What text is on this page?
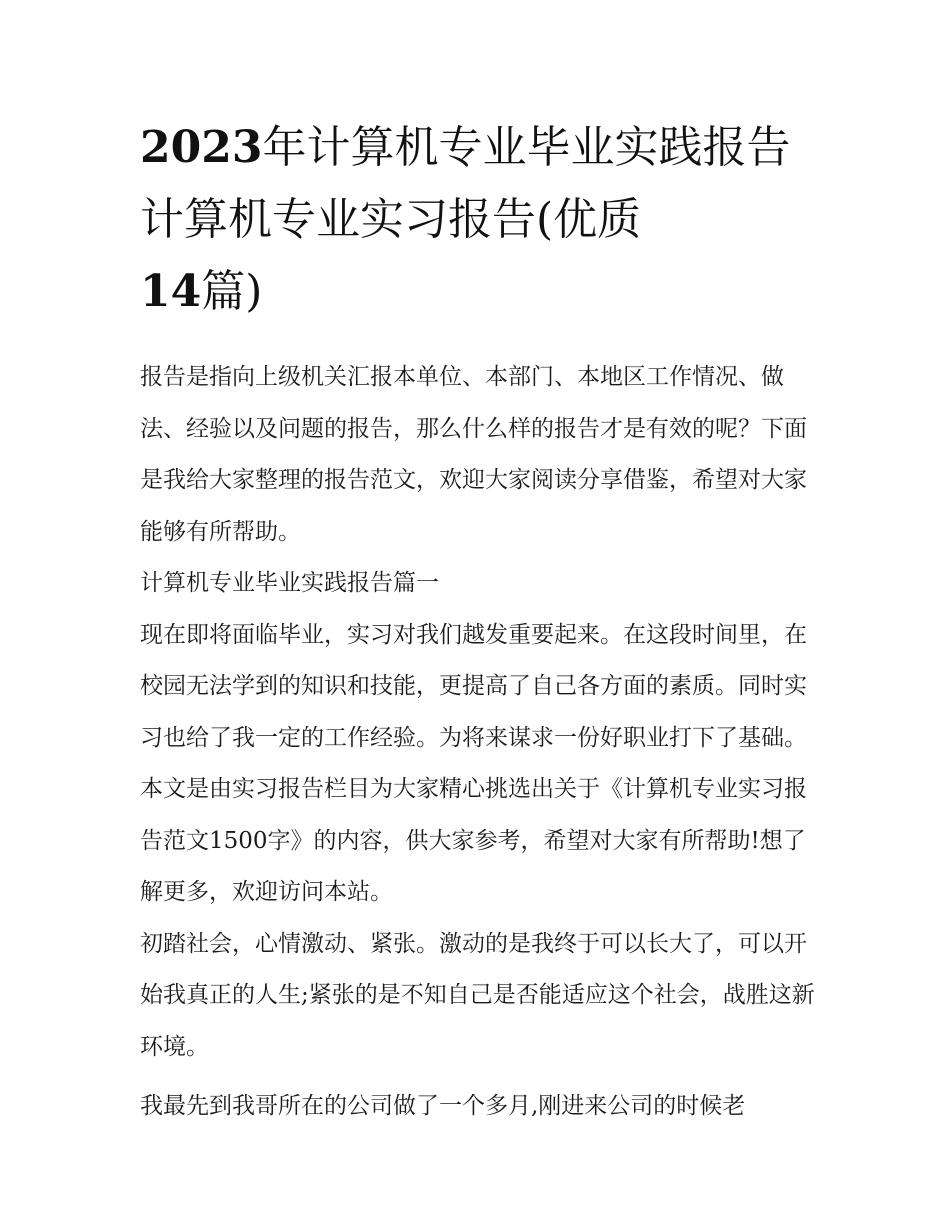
2023年计算机专业毕业实践报告 计算机专业实习报告(优质
14篇)

报告是指向上级机关汇报本单位、本部门、本地区工作情况、做法、经验以及问题的报告，那么什么样的报告才是有效的呢？下面是我给大家整理的报告范文，欢迎大家阅读分享借鉴，希望对大家能够有所帮助。

计算机专业毕业实践报告篇一

现在即将面临毕业，实习对我们越发重要起来。在这段时间里，在校园无法学到的知识和技能，更提高了自己各方面的素质。同时实习也给了我一定的工作经验。为将来谋求一份好职业打下了基础。本文是由实习报告栏目为大家精心挑选出关于《计算机专业实习报告范文1500字》的内容，供大家参考，希望对大家有所帮助!想了解更多，欢迎访问本站。

初踏社会，心情激动、紧张。激动的是我终于可以长大了，可以开始我真正的人生;紧张的是不知自己是否能适应这个社会，战胜这新环境。

我最先到我哥所在的公司做了一个多月,刚进来公司的时候老
